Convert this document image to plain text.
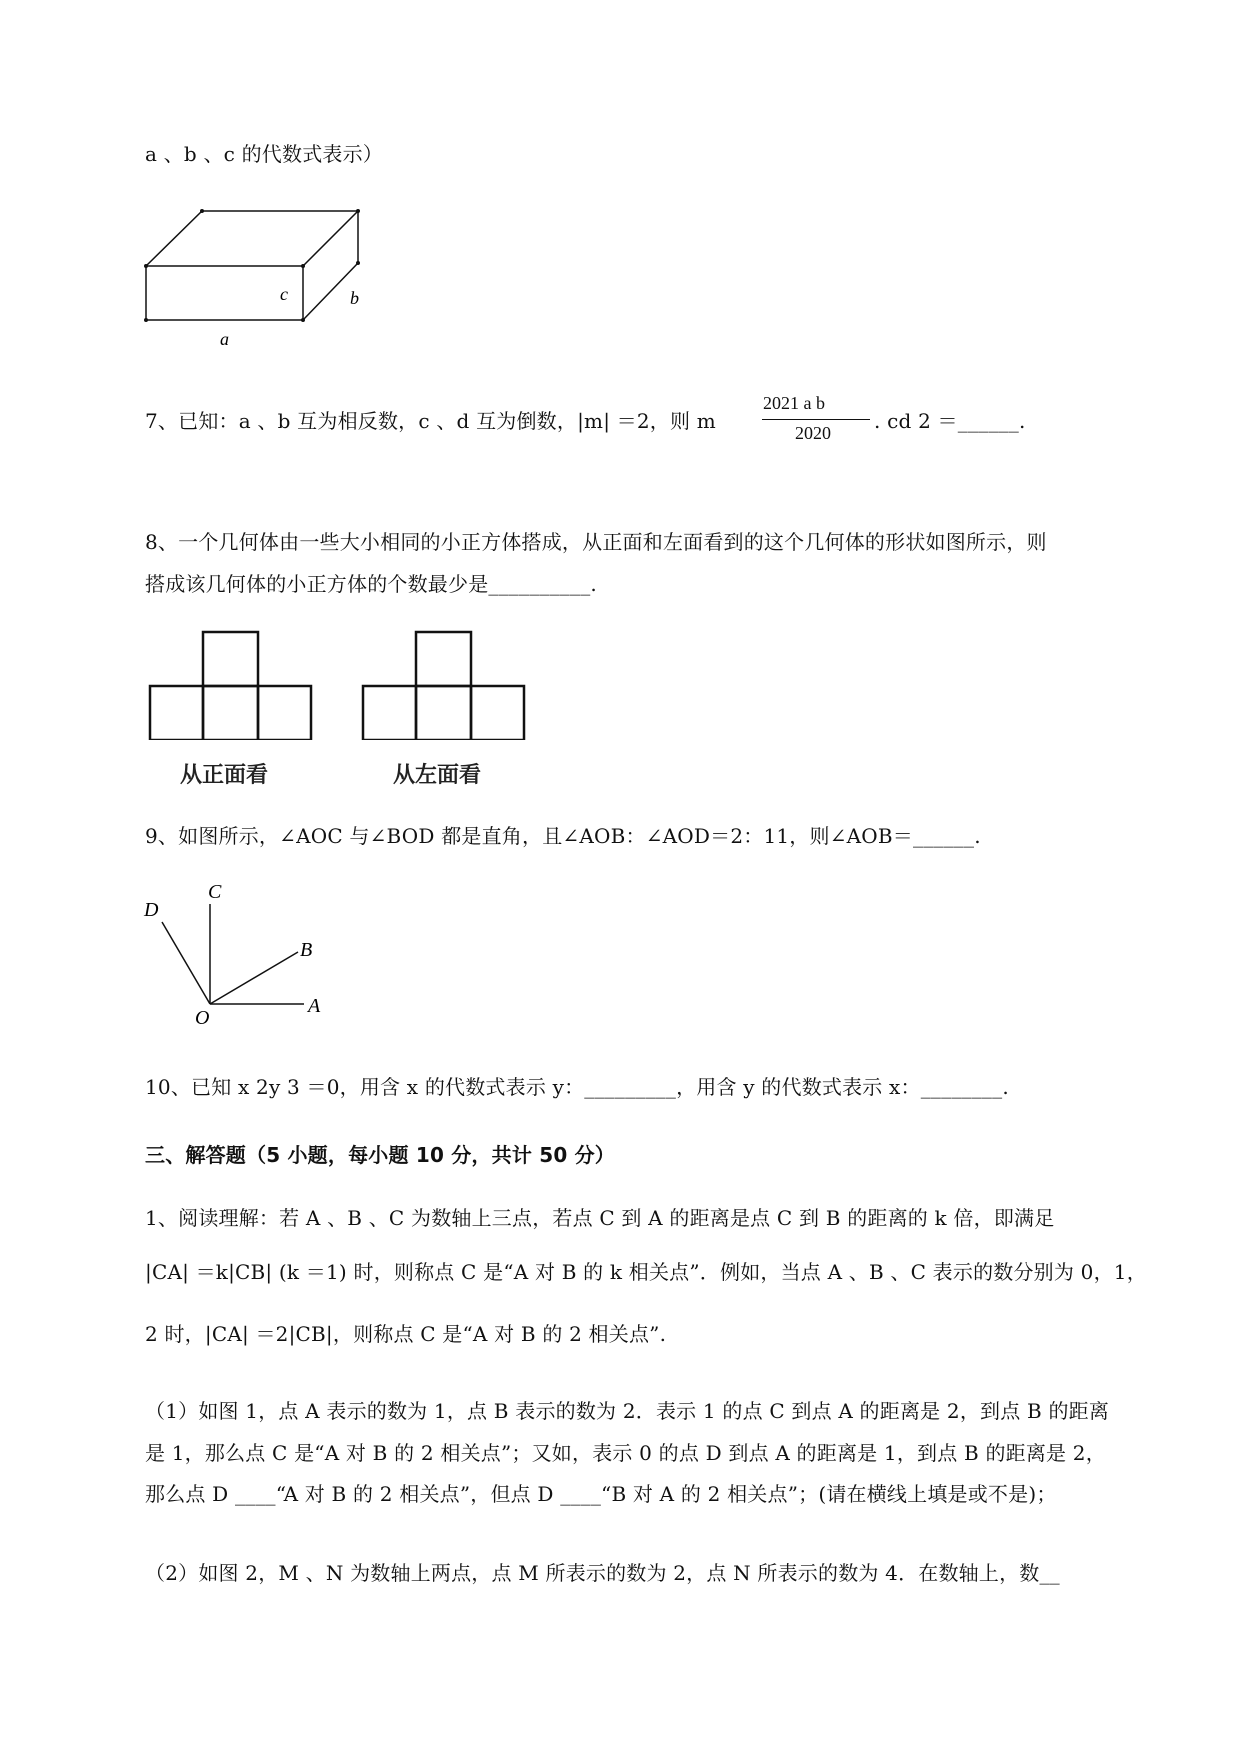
a 、b 、c 的代数式表示）
c	b
a
7、已知：a 、b 互为相反数，c 、d 互为倒数，|m| ＝2，则 m
2021 a b
2020 . cd 2 ＝______.
8、一个几何体由一些大小相同的小正方体搭成，从正面和左面看到的这个几何体的形状如图所示，则
搭成该几何体的小正方体的个数最少是__________.
从正面看	从左面看
9、如图所示，∠AOC 与∠BOD 都是直角，且∠AOB：∠AOD＝2：11，则∠AOB＝______.
D
C
B
A
O
10、已知 x 2y 3 ＝0，用含 x 的代数式表示 y：_________，用含 y 的代数式表示 x：________.
三、解答题（5 小题，每小题 10 分，共计 50 分）
1、阅读理解：若 A 、B 、C 为数轴上三点，若点 C 到 A 的距离是点 C 到 B 的距离的 k 倍，即满足
|CA| ＝k|CB| (k ＝1) 时，则称点 C 是“A 对 B 的 k 相关点”．例如，当点 A 、B 、C 表示的数分别为 0，1，
2 时，|CA| ＝2|CB|，则称点 C 是“A 对 B 的 2 相关点”.
（1）如图 1，点 A 表示的数为 1，点 B 表示的数为 2．表示 1 的点 C 到点 A 的距离是 2，到点 B 的距离
是 1，那么点 C 是“A 对 B 的 2 相关点”；又如，表示 0 的点 D 到点 A 的距离是 1，到点 B 的距离是 2，
那么点 D ____“A 对 B 的 2 相关点”，但点 D ____“B 对 A 的 2 相关点”；(请在横线上填是或不是)；
（2）如图 2，M 、N 为数轴上两点，点 M 所表示的数为 2，点 N 所表示的数为 4．在数轴上，数__
